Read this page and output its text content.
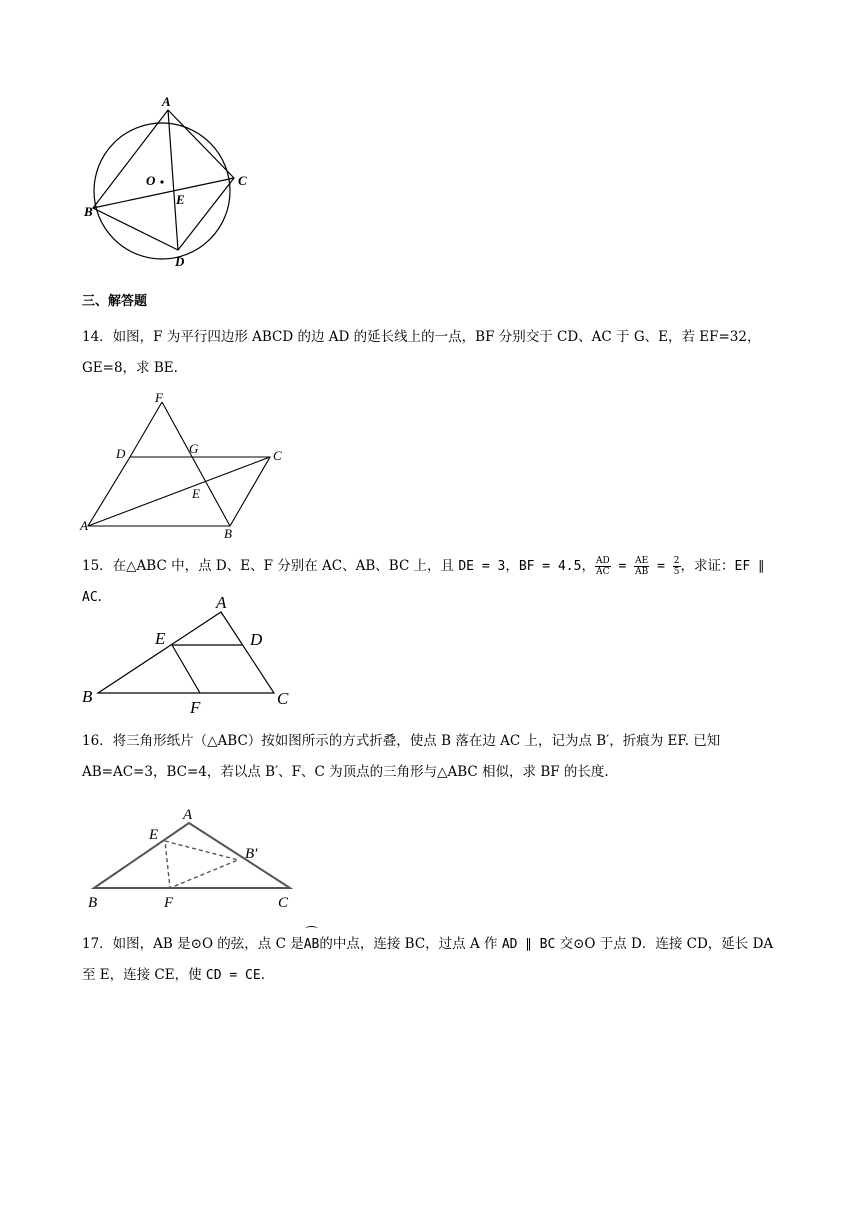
A
C
B
D
E
O
三、解答题
14．如图，F 为平行四边形 ABCD 的边 AD 的延长线上的一点，BF 分别交于 CD、AC 于 G、E，若 EF=32，GE=8，求 BE.
F
D	G	C
E
A
B
15．在△ABC 中，点 D、E、F 分别在 AC、AB、BC 上，且 DE = 3，BF = 4.5， $\frac{AD}{AC} = \frac{AE}{AB} = \frac{2}{5}$ ，求证：EF ∥ AC.	A
E	D
B
F	C
16．将三角形纸片（△ABC）按如图所示的方式折叠，使点 B 落在边 AC 上，记为点 B′，折痕为 EF. 已知 AB=AC=3，BC=4，若以点 B′、F、C 为顶点的三角形与△ABC 相似，求 BF 的长度.
A
E
B′
B	F	C
17．如图，AB 是⊙O 的弦，点 C 是AB的中点，连接 BC，过点 A 作 AD ∥ BC 交⊙O 于点 D．连接 CD，延长 DA 至 E，连接 CE，使 CD = CE.
